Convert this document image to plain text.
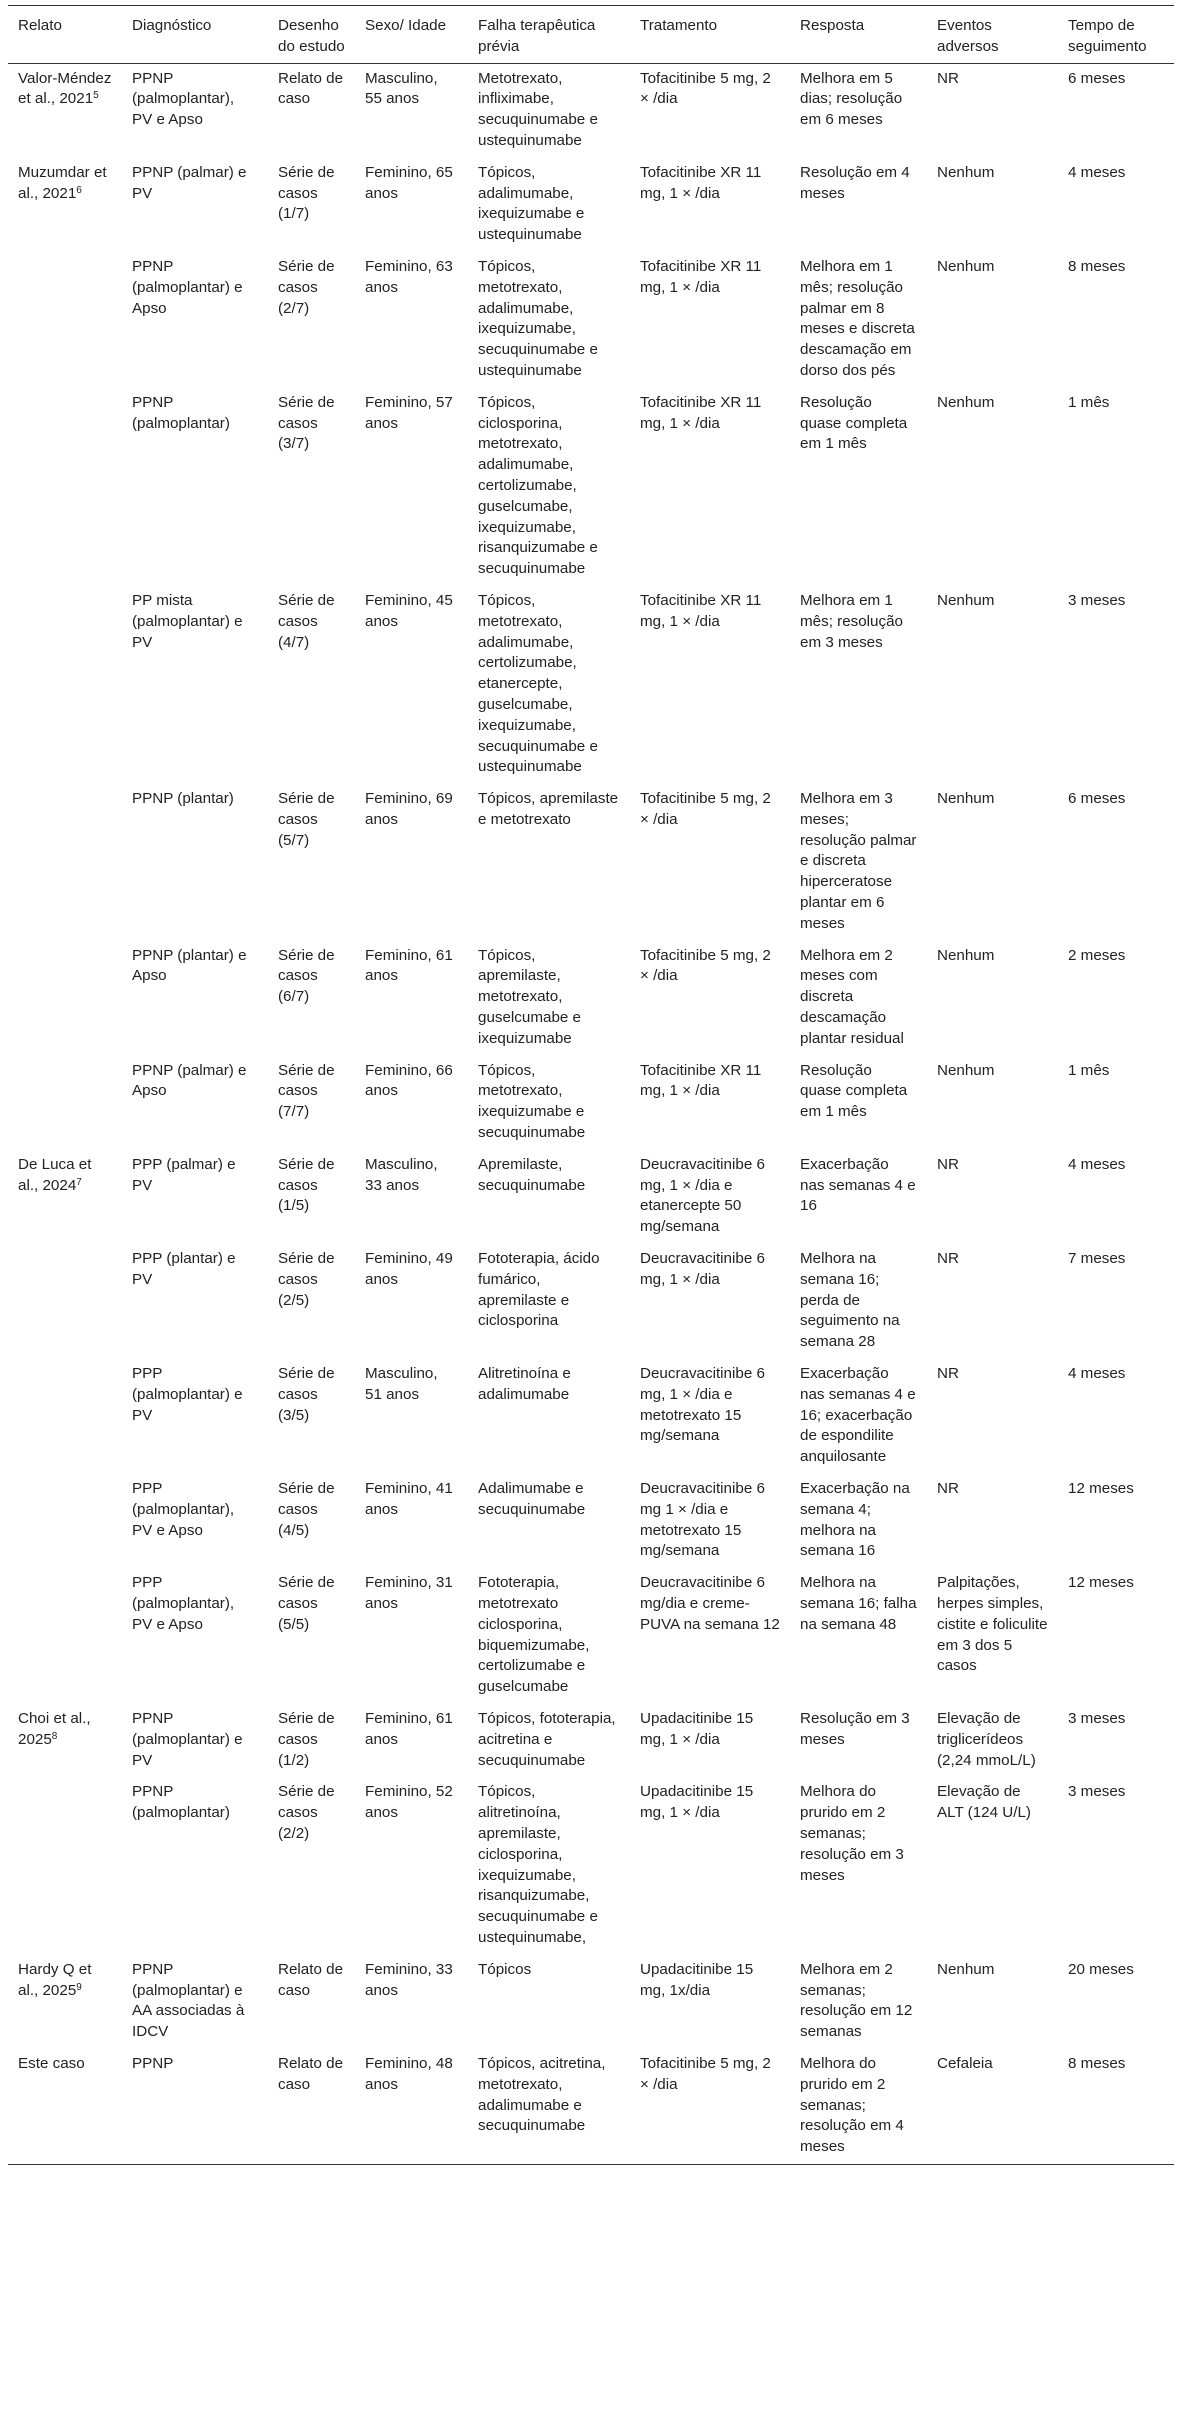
Relato	Diagnóstico	Desenho do estudo	Sexo/ Idade	Falha terapêutica prévia	Tratamento	Resposta	Eventos adversos	Tempo de seguimento
Valor-Méndez et al., 2021$^5$	PPNP (palmoplantar), PV e Apso	Relato de caso	Masculino, 55 anos	Metotrexato, infliximabe, secuquinumabe e ustequinumabe	Tofacitinibe 5 mg, 2 × /dia	Melhora em 5 dias; resolução em 6 meses	NR	6 meses
Muzumdar et al., 2021$^6$	PPNP (palmar) e PV	Série de casos (1/7)	Feminino, 65 anos	Tópicos, adalimumabe, ixequizumabe e ustequinumabe	Tofacitinibe XR 11 mg, 1 × /dia	Resolução em 4 meses	Nenhum	4 meses
	PPNP (palmoplantar) e Apso	Série de casos (2/7)	Feminino, 63 anos	Tópicos, metotrexato, adalimumabe, ixequizumabe, secuquinumabe e ustequinumabe	Tofacitinibe XR 11 mg, 1 × /dia	Melhora em 1 mês; resolução palmar em 8 meses e discreta descamação em dorso dos pés	Nenhum	8 meses
	PPNP (palmoplantar)	Série de casos (3/7)	Feminino, 57 anos	Tópicos, ciclosporina, metotrexato, adalimumabe, certolizumabe, guselcumabe, ixequizumabe, risanquizumabe e secuquinumabe	Tofacitinibe XR 11 mg, 1 × /dia	Resolução quase completa em 1 mês	Nenhum	1 mês
	PP mista (palmoplantar) e PV	Série de casos (4/7)	Feminino, 45 anos	Tópicos, metotrexato, adalimumabe, certolizumabe, etanercepte, guselcumabe, ixequizumabe, secuquinumabe e ustequinumabe	Tofacitinibe XR 11 mg, 1 × /dia	Melhora em 1 mês; resolução em 3 meses	Nenhum	3 meses
	PPNP (plantar)	Série de casos (5/7)	Feminino, 69 anos	Tópicos, apremilaste e metotrexato	Tofacitinibe 5 mg, 2 × /dia	Melhora em 3 meses; resolução palmar e discreta hiperceratose plantar em 6 meses	Nenhum	6 meses
	PPNP (plantar) e Apso	Série de casos (6/7)	Feminino, 61 anos	Tópicos, apremilaste, metotrexato, guselcumabe e ixequizumabe	Tofacitinibe 5 mg, 2 × /dia	Melhora em 2 meses com discreta descamação plantar residual	Nenhum	2 meses
	PPNP (palmar) e Apso	Série de casos (7/7)	Feminino, 66 anos	Tópicos, metotrexato, ixequizumabe e secuquinumabe	Tofacitinibe XR 11 mg, 1 × /dia	Resolução quase completa em 1 mês	Nenhum	1 mês
De Luca et al., 2024$^7$	PPP (palmar) e PV	Série de casos (1/5)	Masculino, 33 anos	Apremilaste, secuquinumabe	Deucravacitinibe 6 mg, 1 × /dia e etanercepte 50 mg/semana	Exacerbação nas semanas 4 e 16	NR	4 meses
	PPP (plantar) e PV	Série de casos (2/5)	Feminino, 49 anos	Fototerapia, ácido fumárico, apremilaste e ciclosporina	Deucravacitinibe 6 mg, 1 × /dia	Melhora na semana 16; perda de seguimento na semana 28	NR	7 meses
	PPP (palmoplantar) e PV	Série de casos (3/5)	Masculino, 51 anos	Alitretinoína e adalimumabe	Deucravacitinibe 6 mg, 1 × /dia e metotrexato 15 mg/semana	Exacerbação nas semanas 4 e 16; exacerbação de espondilite anquilosante	NR	4 meses
	PPP (palmoplantar), PV e Apso	Série de casos (4/5)	Feminino, 41 anos	Adalimumabe e secuquinumabe	Deucravacitinibe 6 mg 1 × /dia e metotrexato 15 mg/semana	Exacerbação na semana 4; melhora na semana 16	NR	12 meses
	PPP (palmoplantar), PV e Apso	Série de casos (5/5)	Feminino, 31 anos	Fototerapia, metotrexato ciclosporina, biquemizumabe, certolizumabe e guselcumabe	Deucravacitinibe 6 mg/dia e creme-PUVA na semana 12	Melhora na semana 16; falha na semana 48	Palpitações, herpes simples, cistite e foliculite em 3 dos 5 casos	12 meses
Choi et al., 2025$^8$	PPNP (palmoplantar) e PV	Série de casos (1/2)	Feminino, 61 anos	Tópicos, fototerapia, acitretina e secuquinumabe	Upadacitinibe 15 mg, 1 × /dia	Resolução em 3 meses	Elevação de triglicerídeos (2,24 mmoL/L)	3 meses
	PPNP (palmoplantar)	Série de casos (2/2)	Feminino, 52 anos	Tópicos, alitretinoína, apremilaste, ciclosporina, ixequizumabe, risanquizumabe, secuquinumabe e ustequinumabe,	Upadacitinibe 15 mg, 1 × /dia	Melhora do prurido em 2 semanas; resolução em 3 meses	Elevação de ALT (124 U/L)	3 meses
Hardy Q et al., 2025$^9$	PPNP (palmoplantar) e AA associadas à IDCV	Relato de caso	Feminino, 33 anos	Tópicos	Upadacitinibe 15 mg, 1x/dia	Melhora em 2 semanas; resolução em 12 semanas	Nenhum	20 meses
Este caso	PPNP	Relato de caso	Feminino, 48 anos	Tópicos, acitretina, metotrexato, adalimumabe e secuquinumabe	Tofacitinibe 5 mg, 2 × /dia	Melhora do prurido em 2 semanas; resolução em 4 meses	Cefaleia	8 meses
